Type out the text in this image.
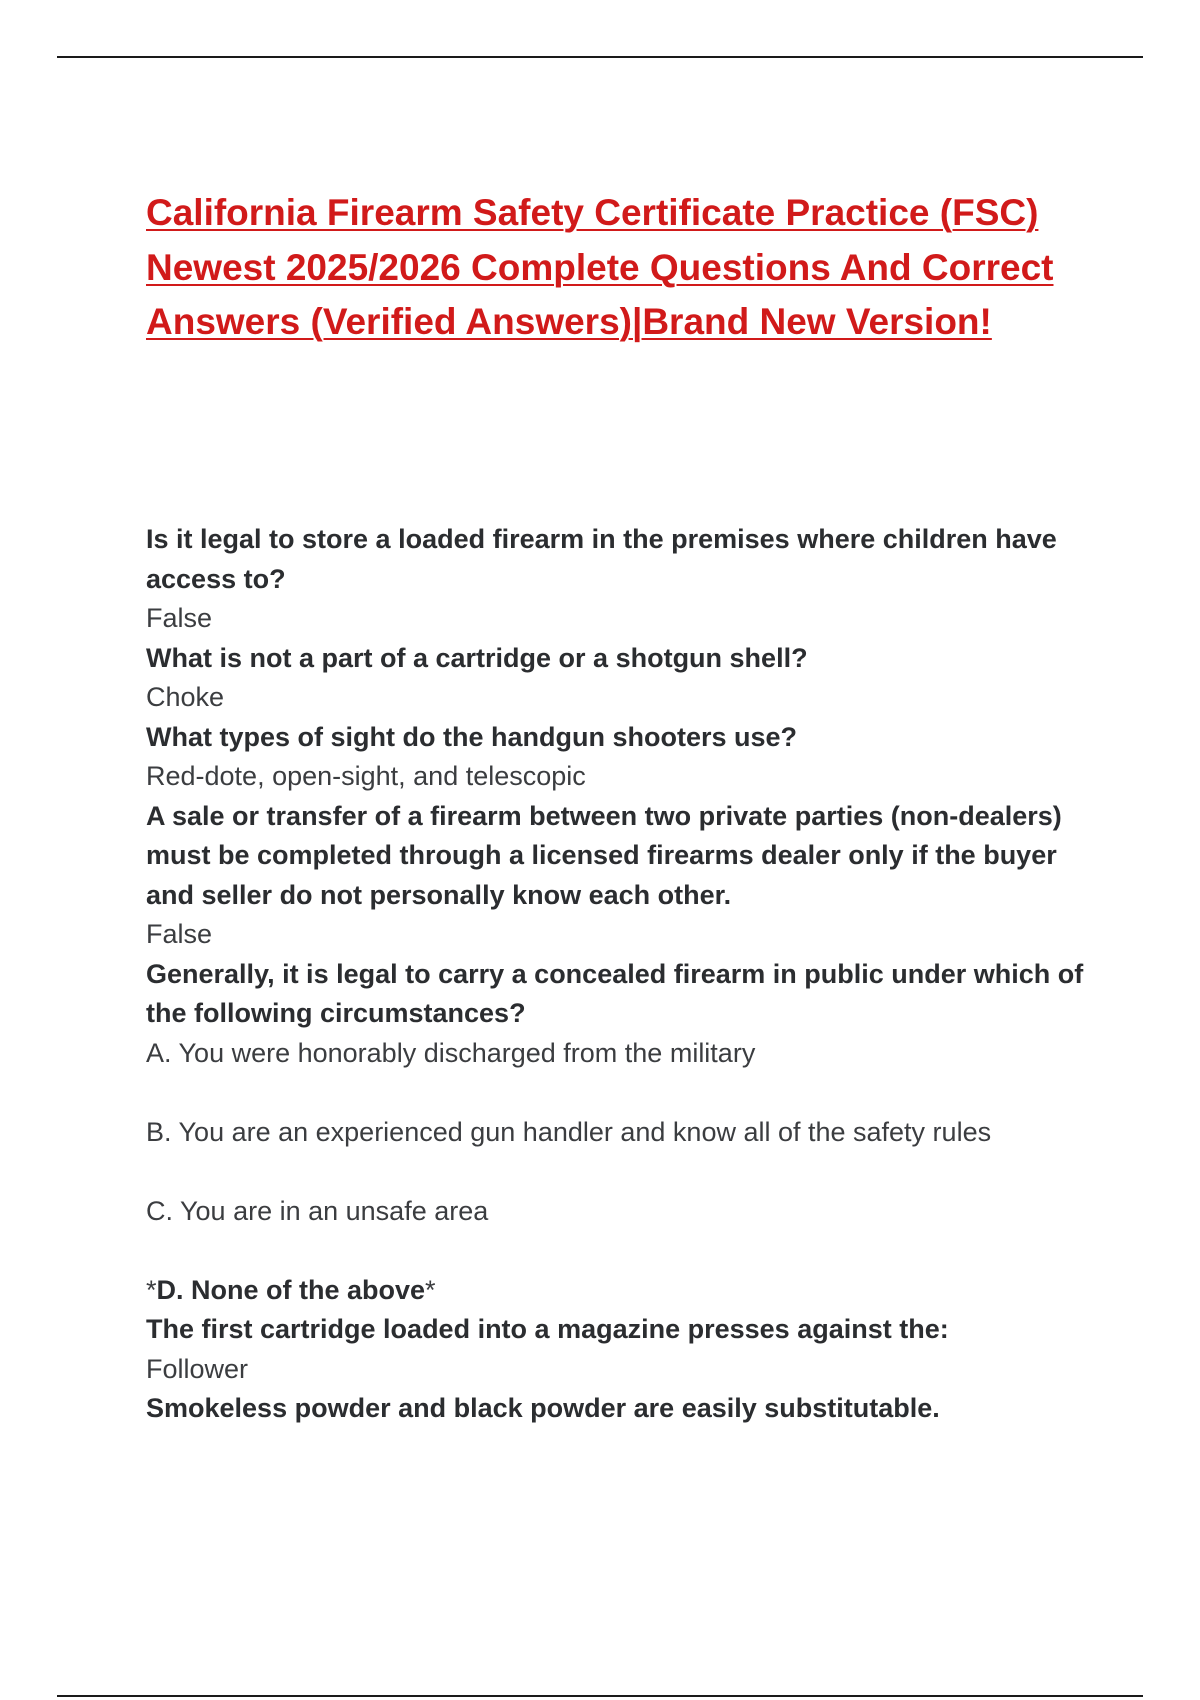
California Firearm Safety Certificate Practice (FSC) Newest 2025/2026 Complete Questions And Correct Answers (Verified Answers)|Brand New Version!
Is it legal to store a loaded firearm in the premises where children have access to?
False
What is not a part of a cartridge or a shotgun shell?
Choke
What types of sight do the handgun shooters use?
Red-dote, open-sight, and telescopic
A sale or transfer of a firearm between two private parties (non-dealers) must be completed through a licensed firearms dealer only if the buyer and seller do not personally know each other.
False
Generally, it is legal to carry a concealed firearm in public under which of the following circumstances?
A. You were honorably discharged from the military
B. You are an experienced gun handler and know all of the safety rules
C. You are in an unsafe area
*D. None of the above*
The first cartridge loaded into a magazine presses against the:
Follower
Smokeless powder and black powder are easily substitutable.
